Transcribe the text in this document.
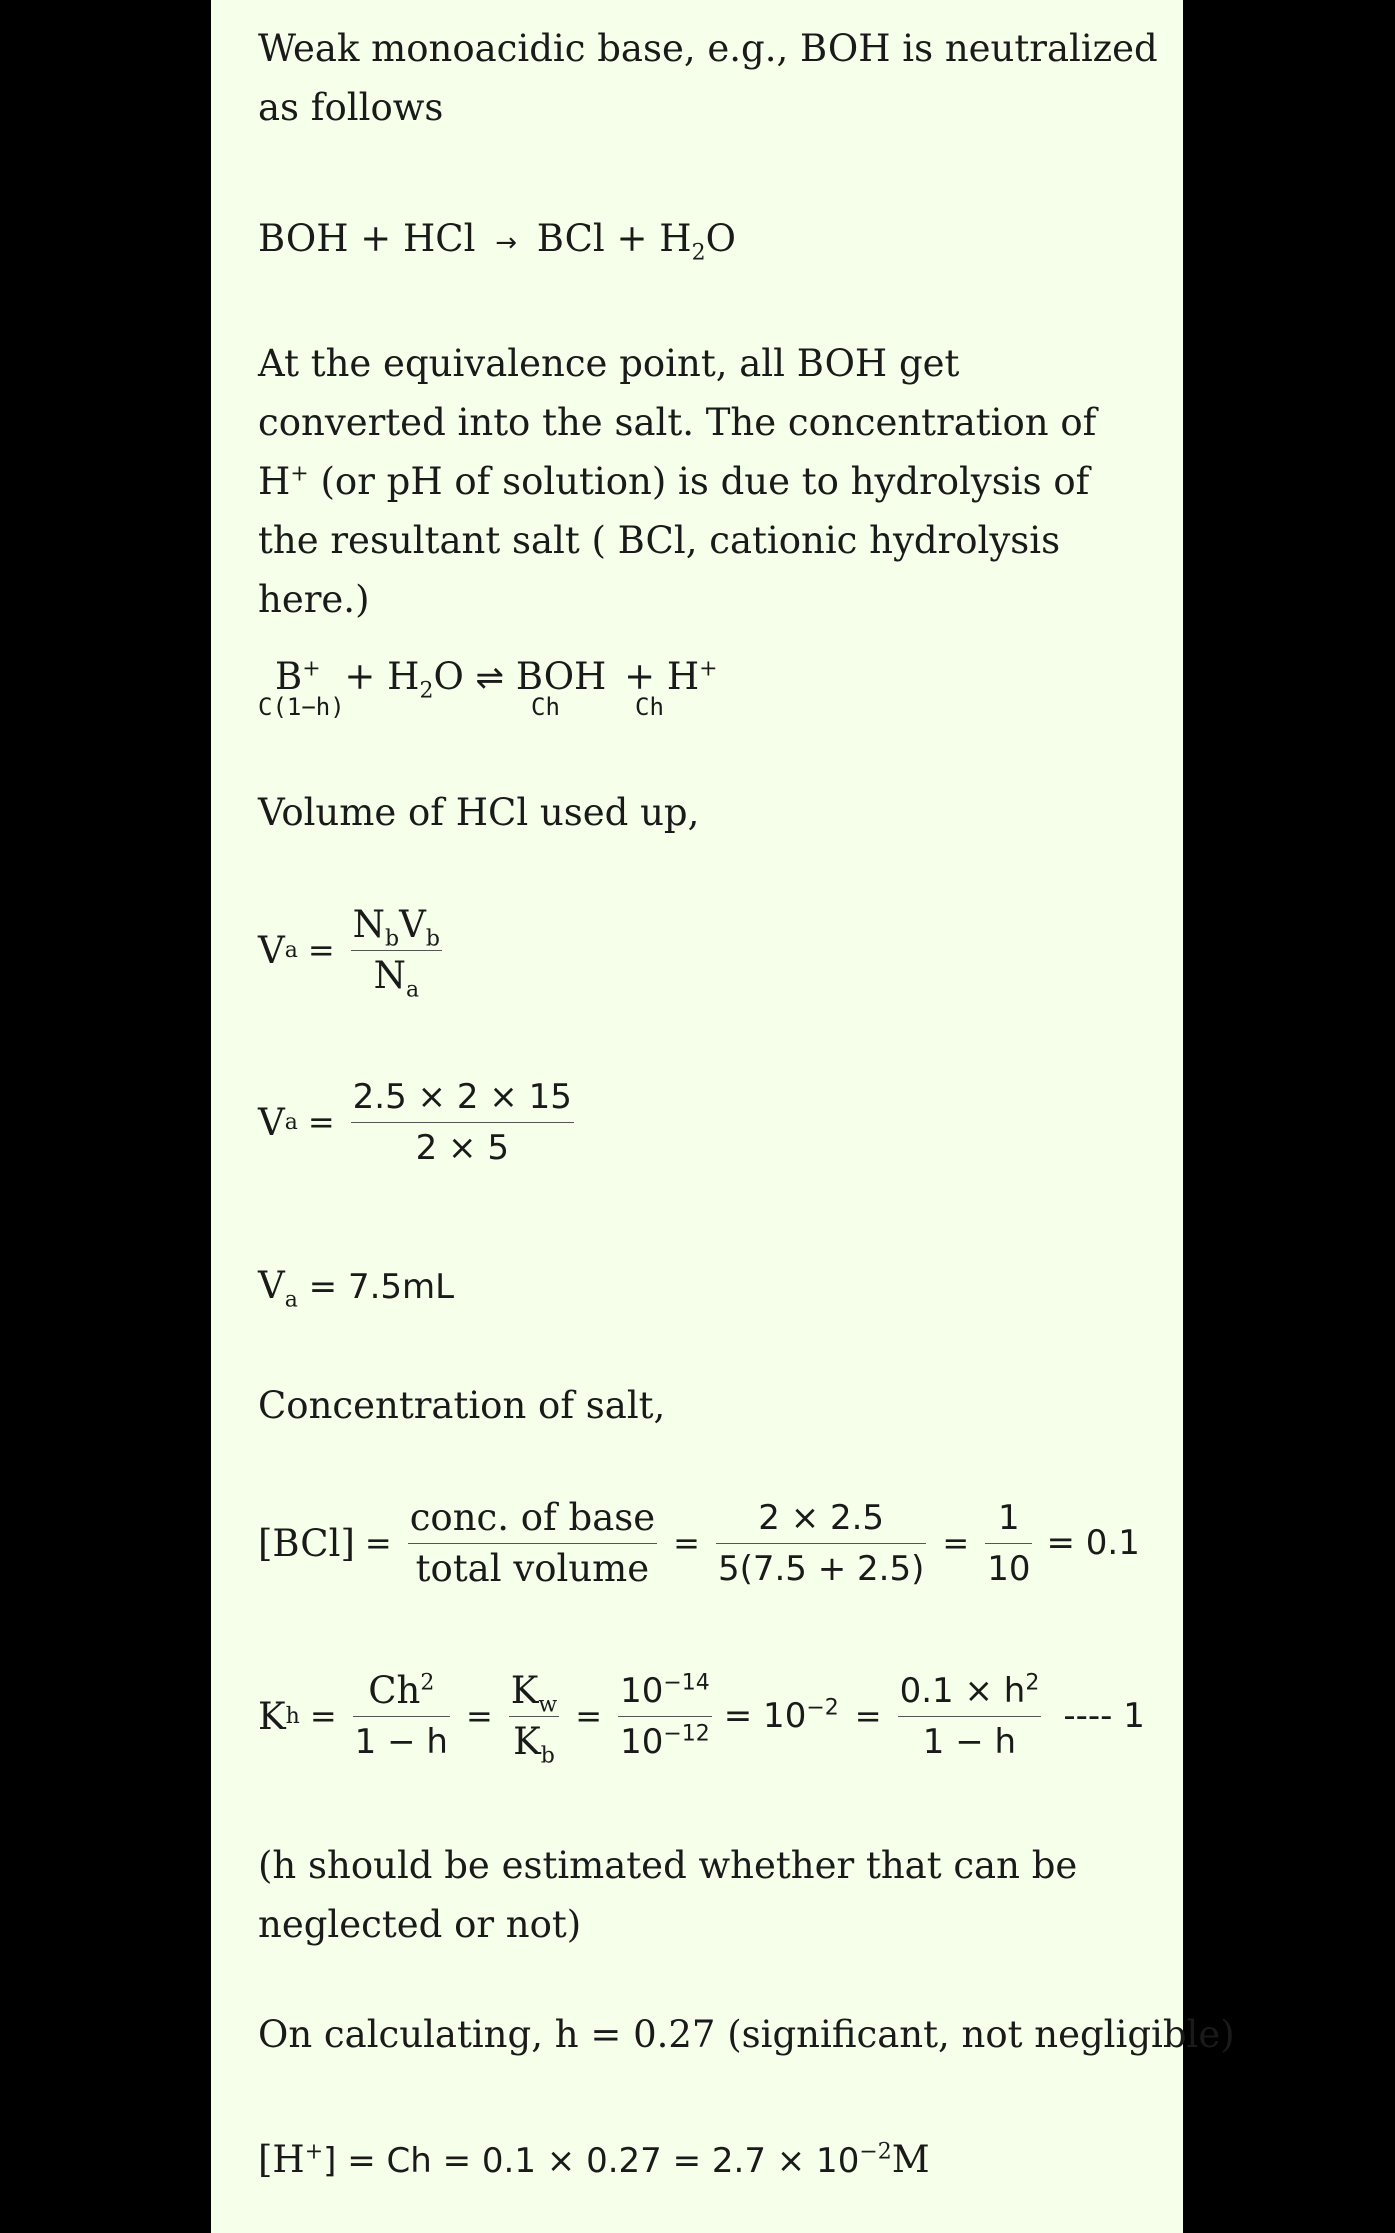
Weak monoacidic base, e.g., BOH is neutralized as follows
BOH + HCl → BCl + $H_2O$
At the equivalence point, all BOH get converted into the salt. The concentration of H+ (or pH of solution) is due to hydrolysis of the resultant salt ( BCl, cationic hydrolysis here.)
$B^+ + H_2O$ ⇌ BOH + H+
C(1−h)	Ch	Ch
Volume of HCl used up,
V $a = \frac{N_bV_b}{N_a}$
V $a = \frac{2.5 \times 2 \times 15}{2 \times 5}$
$V_a = 7.5mL$
Concentration of salt,
$[BCl] = \frac{\text{conc. of base}}{\text{total volume}} = \frac{2 \times 2.5}{5(7.5 + 2.5)} = \frac{1}{10} = 0.1$
K $h = \frac{Ch^2}{1 - h} = \frac{K_w}{K_b} = \frac{10^{-14}}{10^{-12}} = 10^{-2} = \frac{0.1 \times h^2}{1 - h}$ ---- 1
(h should be estimated whether that can be neglected or not)
On calculating, h = 0.27 (significant, not negligible)
$[H^+] = Ch = 0.1 \times 0.27 = 2.7 \times 10^{-2}M$
